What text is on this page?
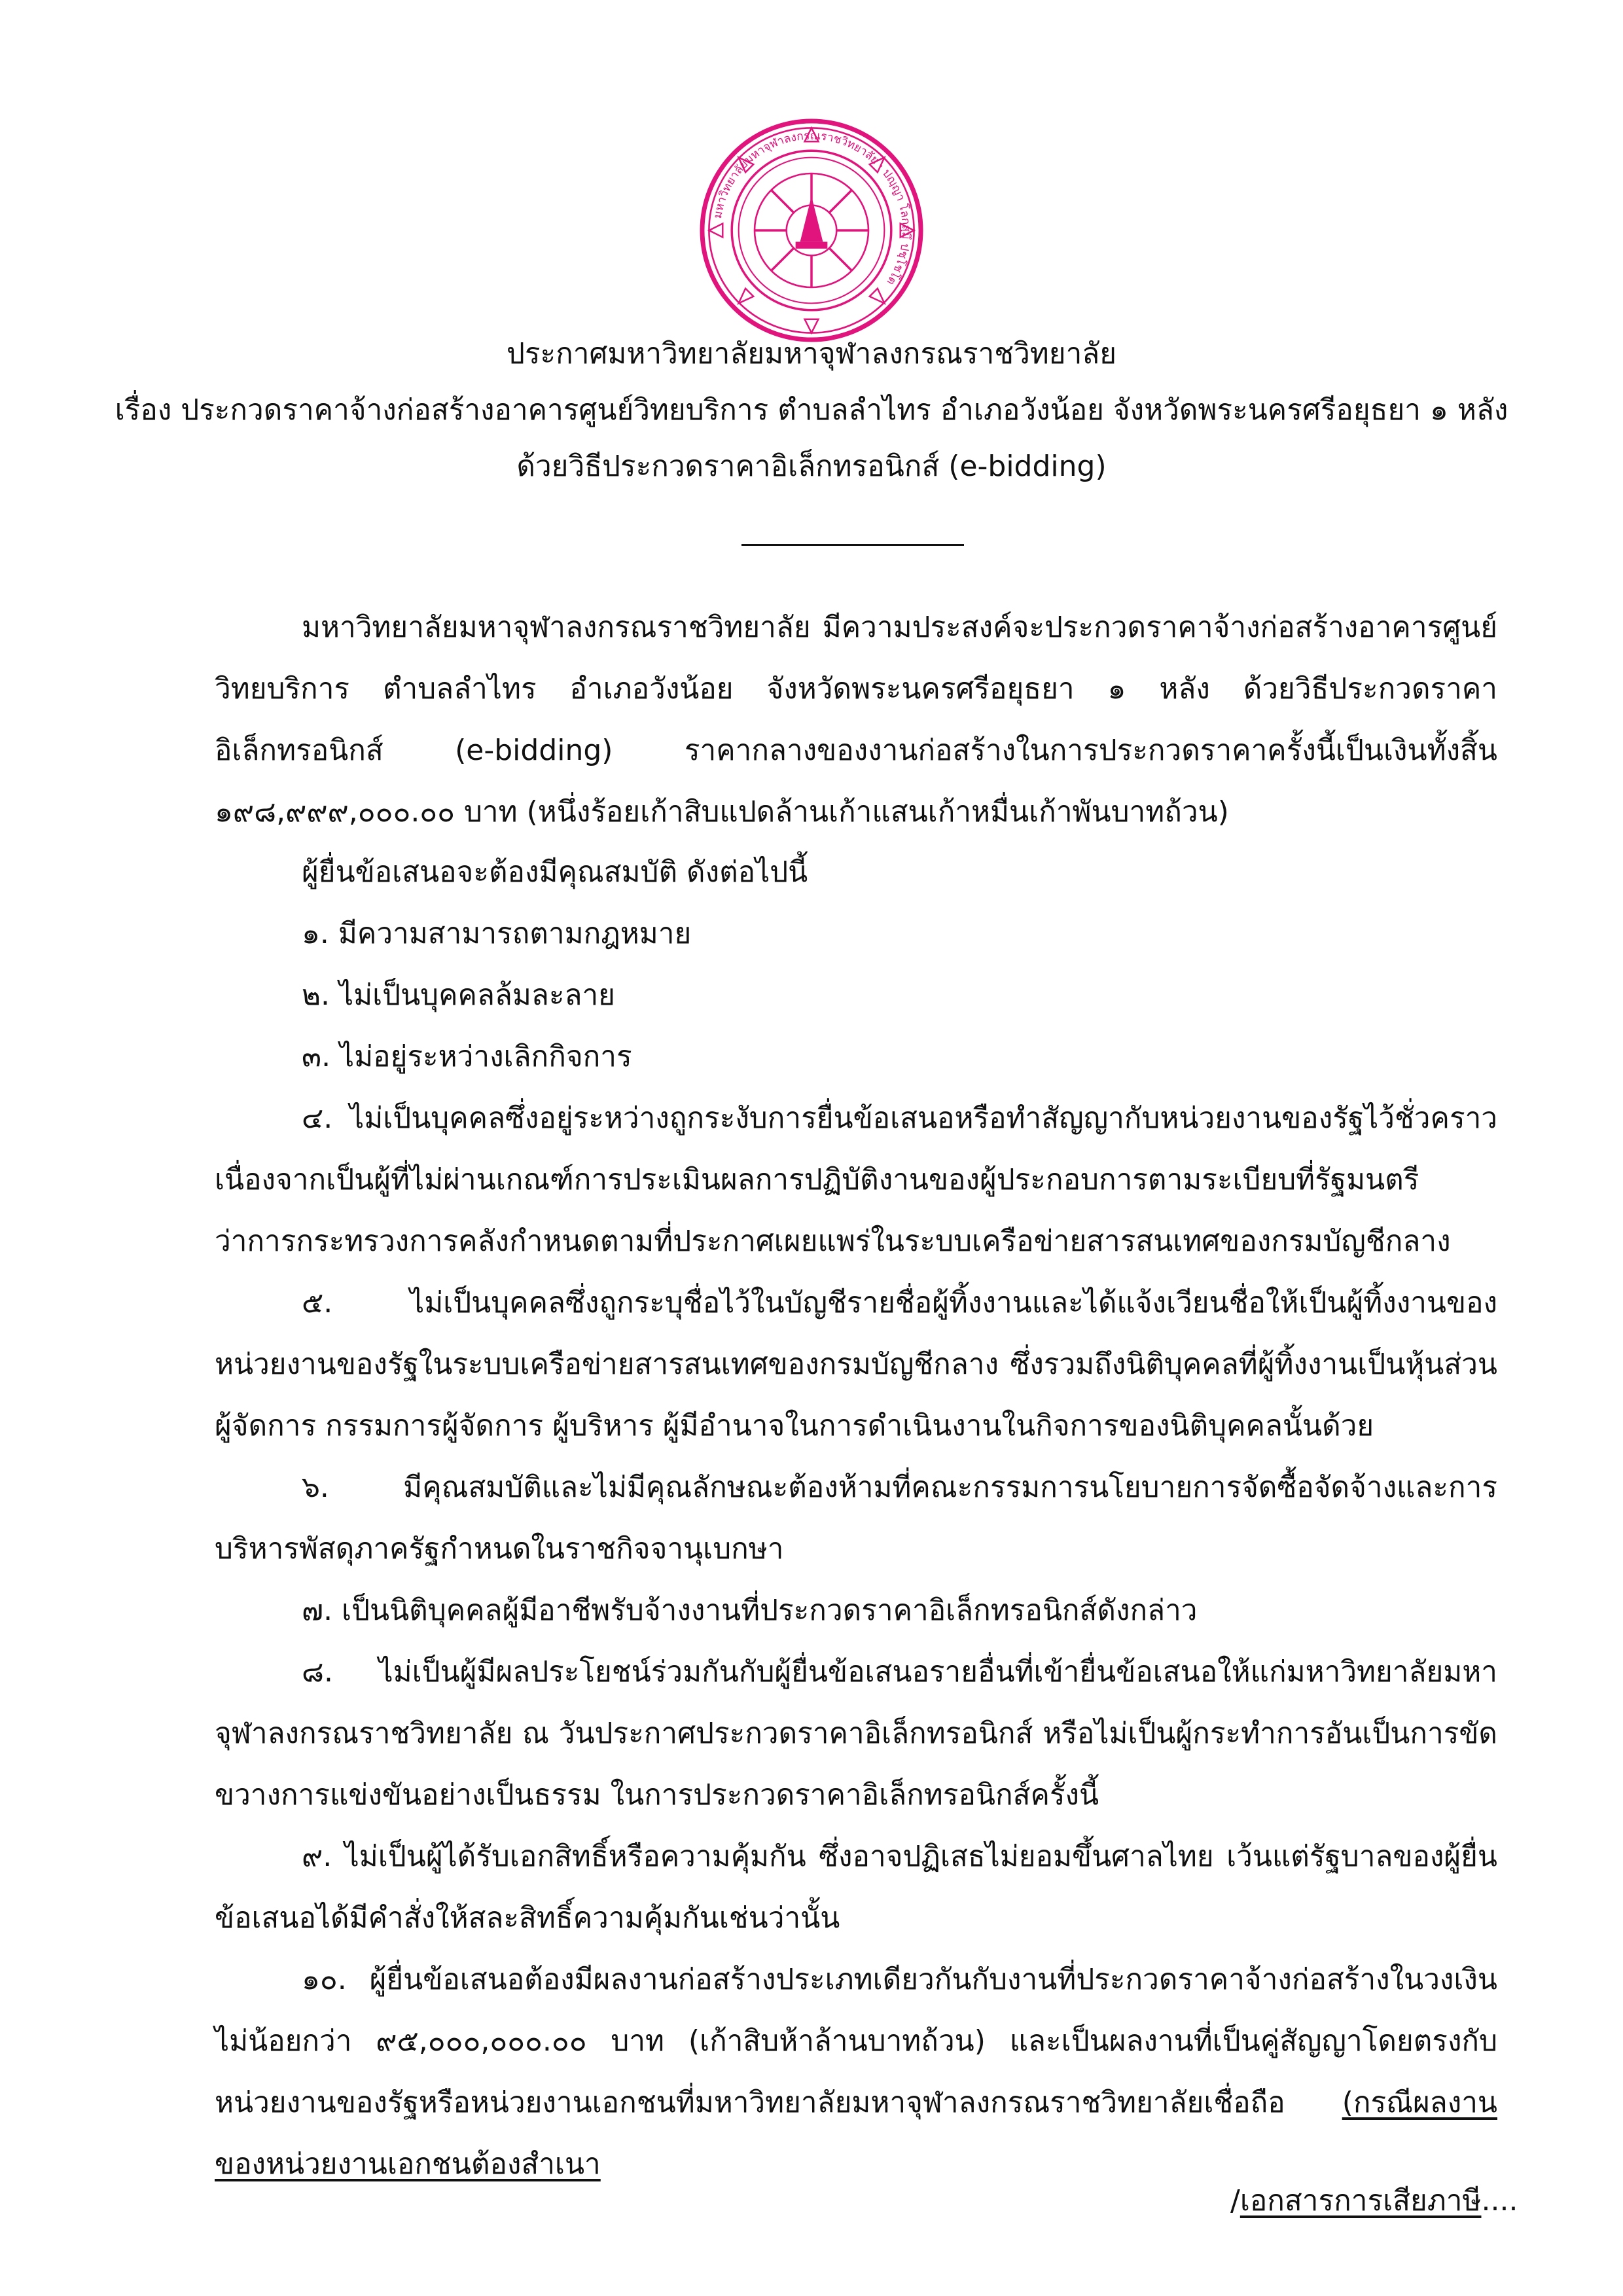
มหาวิทยาลัยมหาจุฬาลงกรณราชวิทยาลัย · ปญฺญา โลกสฺมึ ปชฺโชโต

ประกาศมหาวิทยาลัยมหาจุฬาลงกรณราชวิทยาลัย

เรื่อง ประกวดราคาจ้างก่อสร้างอาคารศูนย์วิทยบริการ ตำบลลำไทร อำเภอวังน้อย จังหวัดพระนครศรีอยุธยา ๑ หลัง

ด้วยวิธีประกวดราคาอิเล็กทรอนิกส์ (e-bidding)

มหาวิทยาลัยมหาจุฬาลงกรณราชวิทยาลัย มีความประสงค์จะประกวดราคาจ้างก่อสร้างอาคารศูนย์วิทยบริการ ตำบลลำไทร อำเภอวังน้อย จังหวัดพระนครศรีอยุธยา ๑ หลัง ด้วยวิธีประกวดราคาอิเล็กทรอนิกส์ (e-bidding) ราคากลางของงานก่อสร้างในการประกวดราคาครั้งนี้เป็นเงินทั้งสิ้น ๑๙๘,๙๙๙,๐๐๐.๐๐ บาท (หนึ่งร้อยเก้าสิบแปดล้านเก้าแสนเก้าหมื่นเก้าพันบาทถ้วน)

ผู้ยื่นข้อเสนอจะต้องมีคุณสมบัติ ดังต่อไปนี้

๑. มีความสามารถตามกฎหมาย

๒. ไม่เป็นบุคคลล้มละลาย

๓. ไม่อยู่ระหว่างเลิกกิจการ

๔. ไม่เป็นบุคคลซึ่งอยู่ระหว่างถูกระงับการยื่นข้อเสนอหรือทำสัญญากับหน่วยงานของรัฐไว้ชั่วคราว เนื่องจากเป็นผู้ที่ไม่ผ่านเกณฑ์การประเมินผลการปฏิบัติงานของผู้ประกอบการตามระเบียบที่รัฐมนตรีว่าการกระทรวงการคลังกำหนดตามที่ประกาศเผยแพร่ในระบบเครือข่ายสารสนเทศของกรมบัญชีกลาง

๕. ไม่เป็นบุคคลซึ่งถูกระบุชื่อไว้ในบัญชีรายชื่อผู้ทิ้งงานและได้แจ้งเวียนชื่อให้เป็นผู้ทิ้งงานของหน่วยงานของรัฐในระบบเครือข่ายสารสนเทศของกรมบัญชีกลาง ซึ่งรวมถึงนิติบุคคลที่ผู้ทิ้งงานเป็นหุ้นส่วนผู้จัดการ กรรมการผู้จัดการ ผู้บริหาร ผู้มีอำนาจในการดำเนินงานในกิจการของนิติบุคคลนั้นด้วย

๖. มีคุณสมบัติและไม่มีคุณลักษณะต้องห้ามที่คณะกรรมการนโยบายการจัดซื้อจัดจ้างและการบริหารพัสดุภาครัฐกำหนดในราชกิจจานุเบกษา

๗. เป็นนิติบุคคลผู้มีอาชีพรับจ้างงานที่ประกวดราคาอิเล็กทรอนิกส์ดังกล่าว

๘. ไม่เป็นผู้มีผลประโยชน์ร่วมกันกับผู้ยื่นข้อเสนอรายอื่นที่เข้ายื่นข้อเสนอให้แก่มหาวิทยาลัยมหาจุฬาลงกรณราชวิทยาลัย ณ วันประกาศประกวดราคาอิเล็กทรอนิกส์ หรือไม่เป็นผู้กระทำการอันเป็นการขัดขวางการแข่งขันอย่างเป็นธรรม ในการประกวดราคาอิเล็กทรอนิกส์ครั้งนี้

๙. ไม่เป็นผู้ได้รับเอกสิทธิ์หรือความคุ้มกัน ซึ่งอาจปฏิเสธไม่ยอมขึ้นศาลไทย เว้นแต่รัฐบาลของผู้ยื่นข้อเสนอได้มีคำสั่งให้สละสิทธิ์ความคุ้มกันเช่นว่านั้น

๑๐. ผู้ยื่นข้อเสนอต้องมีผลงานก่อสร้างประเภทเดียวกันกับงานที่ประกวดราคาจ้างก่อสร้างในวงเงินไม่น้อยกว่า ๙๕,๐๐๐,๐๐๐.๐๐ บาท (เก้าสิบห้าล้านบาทถ้วน) และเป็นผลงานที่เป็นคู่สัญญาโดยตรงกับหน่วยงานของรัฐหรือหน่วยงานเอกชนที่มหาวิทยาลัยมหาจุฬาลงกรณราชวิทยาลัยเชื่อถือ (กรณีผลงานของหน่วยงานเอกชนต้องสำเนา

/เอกสารการเสียภาษี....
